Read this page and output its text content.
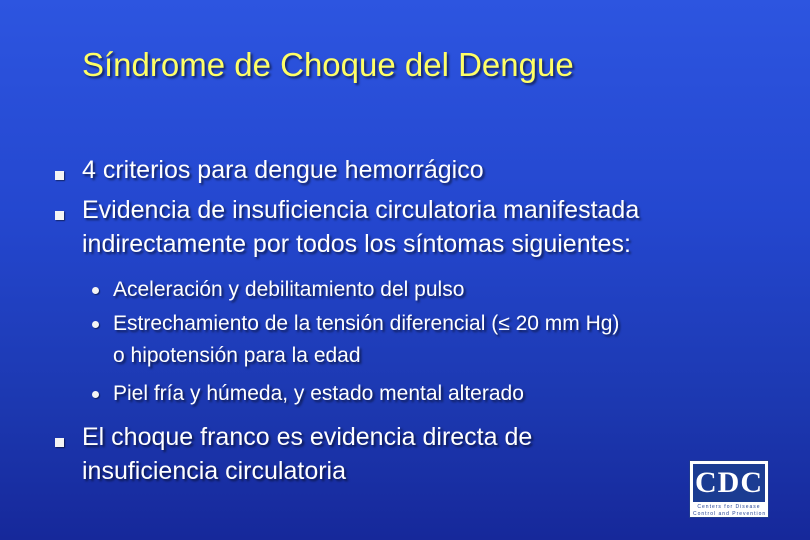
Síndrome de Choque del Dengue
4 criterios para dengue hemorrágico
Evidencia de insuficiencia circulatoria manifestada
indirectamente por todos los síntomas siguientes:
Aceleración y debilitamiento del pulso
Estrechamiento de la tensión diferencial (≤ 20 mm Hg)
o hipotensión para la edad
Piel fría y húmeda, y estado mental alterado
El choque franco es evidencia directa de
insuficiencia circulatoria	CDC
Centers for Disease
Control and Prevention
